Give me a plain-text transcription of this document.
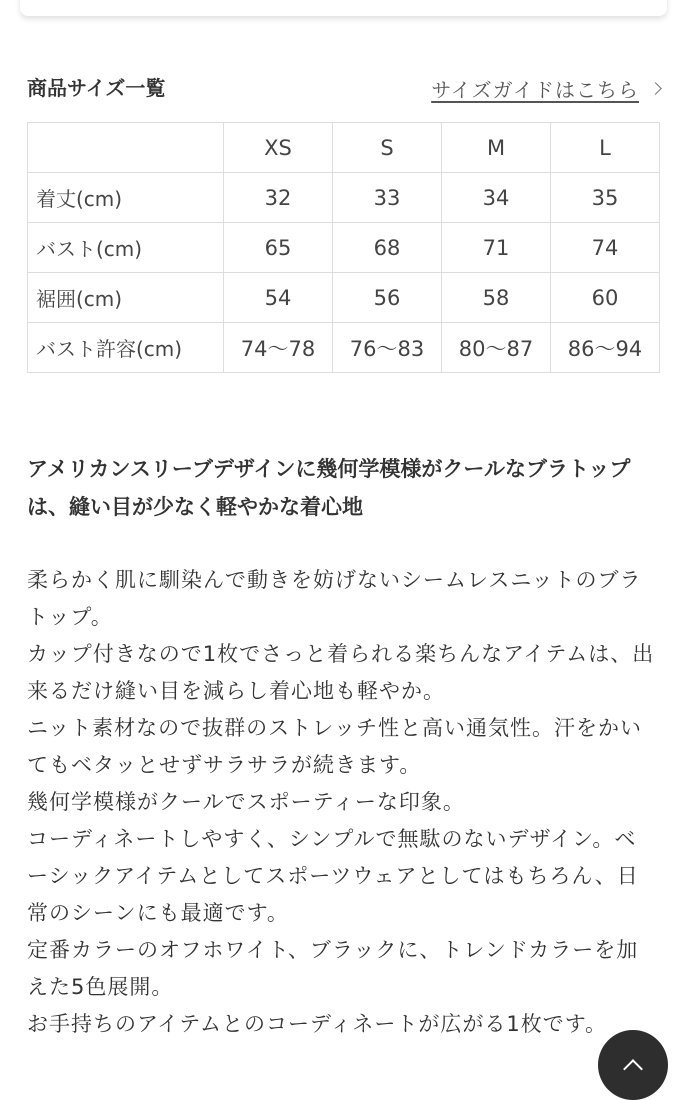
商品サイズ一覧	サイズガイドはこちら
	XS	S	M	L
着丈(cm)	32	33	34	35
バスト(cm)	65	68	71	74
裾囲(cm)	54	56	58	60
バスト許容(cm)	74〜78	76〜83	80〜87	86〜94
アメリカンスリーブデザインに幾何学模様がクールなブラトップは、縫い目が少なく軽やかな着心地

柔らかく肌に馴染んで動きを妨げないシームレスニットのブラトップ。

カップ付きなので1枚でさっと着られる楽ちんなアイテムは、出来るだけ縫い目を減らし着心地も軽やか。

ニット素材なので抜群のストレッチ性と高い通気性。汗をかいてもベタッとせずサラサラが続きます。

幾何学模様がクールでスポーティーな印象。

コーディネートしやすく、シンプルで無駄のないデザイン。ベーシックアイテムとしてスポーツウェアとしてはもちろん、日常のシーンにも最適です。

定番カラーのオフホワイト、ブラックに、トレンドカラーを加えた5色展開。

お手持ちのアイテムとのコーディネートが広がる1枚です。
